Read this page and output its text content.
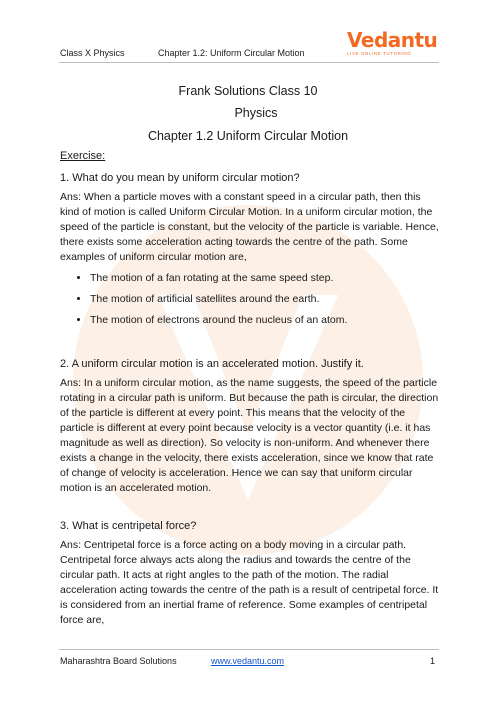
Class X Physics	Chapter 1.2: Uniform Circular Motion
Vedantu
LIVE ONLINE TUTORING
Frank Solutions Class 10
Physics
Chapter 1.2 Uniform Circular Motion

Exercise:

1. What do you mean by uniform circular motion?

Ans: When a particle moves with a constant speed in a circular path, then this kind of motion is called Uniform Circular Motion. In a uniform circular motion, the speed of the particle is constant, but the velocity of the particle is variable. Hence, there exists some acceleration acting towards the centre of the path. Some examples of uniform circular motion are,

• The motion of a fan rotating at the same speed step.
• The motion of artificial satellites around the earth.
• The motion of electrons around the nucleus of an atom.

2. A uniform circular motion is an accelerated motion. Justify it.

Ans: In a uniform circular motion, as the name suggests, the speed of the particle rotating in a circular path is uniform. But because the path is circular, the direction of the particle is different at every point. This means that the velocity of the particle is different at every point because velocity is a vector quantity (i.e. it has magnitude as well as direction). So velocity is non-uniform. And whenever there exists a change in the velocity, there exists acceleration, since we know that rate of change of velocity is acceleration. Hence we can say that uniform circular motion is an accelerated motion.

3. What is centripetal force?

Ans: Centripetal force is a force acting on a body moving in a circular path. Centripetal force always acts along the radius and towards the centre of the circular path. It acts at right angles to the path of the motion. The radial acceleration acting towards the centre of the path is a result of centripetal force. It is considered from an inertial frame of reference. Some examples of centripetal force are,

Maharashtra Board Solutions	www.vedantu.com	1
